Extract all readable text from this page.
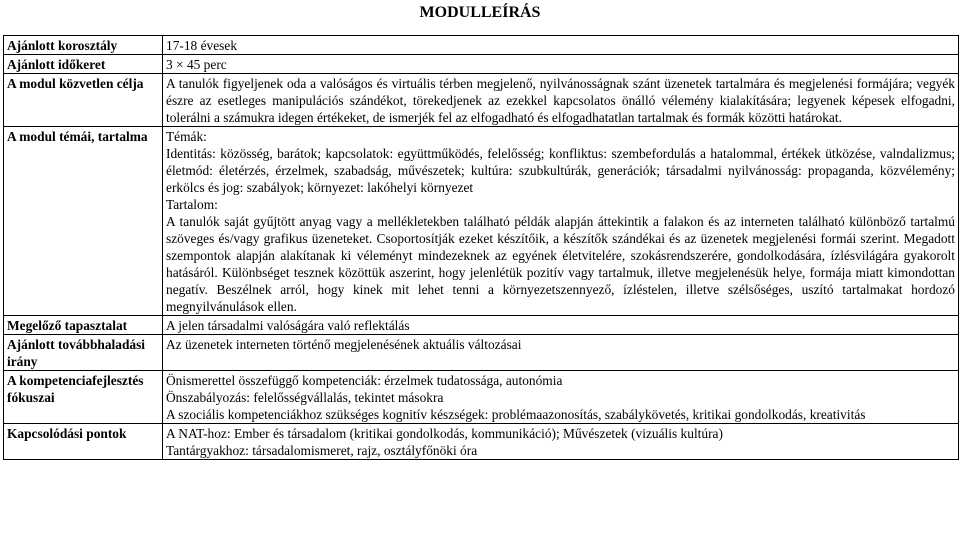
MODULLEÍRÁS
Ajánlott korosztály	17-18 évesek

Ajánlott időkeret	3 × 45 perc

A modul közvetlen célja	A tanulók figyeljenek oda a valóságos és virtuális térben megjelenő, nyilvánosságnak szánt üzenetek tartalmára és megjelenési formájára; vegyék észre az esetleges manipulációs szándékot, törekedjenek az ezekkel kapcsolatos önálló vélemény kialakítására; legyenek képesek elfogadni, tolerálni a számukra idegen értékeket, de ismerjék fel az elfogadható és elfogadhatatlan tartalmak és formák közötti határokat.

A modul témái, tartalma	Témák:
Identitás: közösség, barátok; kapcsolatok: együttműködés, felelősség; konfliktus: szembefordulás a hatalommal, értékek ütközése, valndalizmus; életmód: életérzés, érzelmek, szabadság, művészetek; kultúra: szubkultúrák, generációk; társadalmi nyilvánosság: propaganda, közvélemény; erkölcs és jog: szabályok; környezet: lakóhelyi környezet
Tartalom:
A tanulók saját gyűjtött anyag vagy a mellékletekben található példák alapján áttekintik a falakon és az interneten található különböző tartalmú szöveges és/vagy grafikus üzeneteket. Csoportosítják ezeket készítőik, a készítők szándékai és az üzenetek megjelenési formái szerint. Megadott szempontok alapján alakítanak ki véleményt mindezeknek az egyének életvitelére, szokásrendszerére, gondolkodására, ízlésvilágára gyakorolt hatásáról. Különbséget tesznek közöttük aszerint, hogy jelenlétük pozitív vagy tartalmuk, illetve megjelenésük helye, formája miatt kimondottan negatív. Beszélnek arról, hogy kinek mit lehet tenni a környezetszennyező, ízléstelen, illetve szélsőséges, uszító tartalmakat hordozó megnyilvánulások ellen.

Megelőző tapasztalat	A jelen társadalmi valóságára való reflektálás

Ajánlott továbbhaladási irány	Az üzenetek interneten történő megjelenésének aktuális változásai

A kompetenciafejlesztés fókuszai	Önismerettel összefüggő kompetenciák: érzelmek tudatossága, autonómia
Önszabályozás: felelősségvállalás, tekintet másokra
A szociális kompetenciákhoz szükséges kognitív készségek: problémaazonosítás, szabálykövetés, kritikai gondolkodás, kreativitás

Kapcsolódási pontok	A NAT-hoz: Ember és társadalom (kritikai gondolkodás, kommunikáció); Művészetek (vizuális kultúra)
Tantárgyakhoz: társadalomismeret, rajz, osztályfőnöki óra
